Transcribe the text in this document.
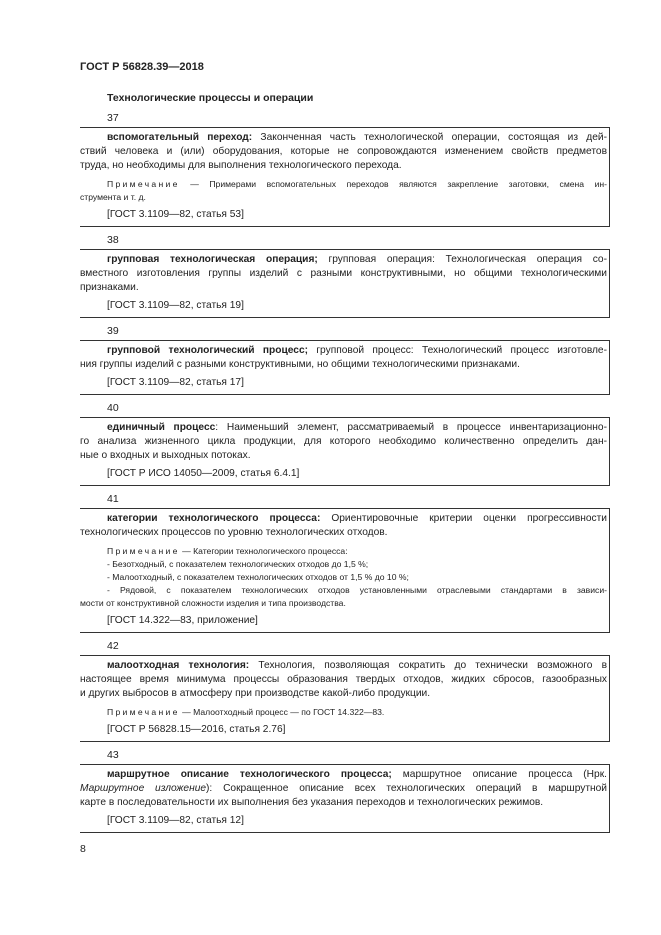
ГОСТ Р 56828.39—2018
Технологические процессы и операции
37
вспомогательный переход: Законченная часть технологической операции, состоящая из дей-
ствий человека и (или) оборудования, которые не сопровождаются изменением свойств предметов
труда, но необходимы для выполнения технологического перехода.
Примечание — Примерами вспомогательных переходов являются закрепление заготовки, смена ин-
струмента и т. д.
[ГОСТ 3.1109—82, статья 53]
38
групповая технологическая операция; групповая операция: Технологическая операция со-
вместного изготовления группы изделий с разными конструктивными, но общими технологическими
признаками.
[ГОСТ 3.1109—82, статья 19]
39
групповой технологический процесс; групповой процесс: Технологический процесс изготовле-
ния группы изделий с разными конструктивными, но общими технологическими признаками.
[ГОСТ 3.1109—82, статья 17]
40
единичный процесс: Наименьший элемент, рассматриваемый в процессе инвентаризационно-
го анализа жизненного цикла продукции, для которого необходимо количественно определить дан-
ные о входных и выходных потоках.
[ГОСТ Р ИСО 14050—2009, статья 6.4.1]
41
категории технологического процесса: Ориентировочные критерии оценки прогрессивности
технологических процессов по уровню технологических отходов.
Примечание — Категории технологического процесса:
- Безотходный, с показателем технологических отходов до 1,5 %;
- Малоотходный, с показателем технологических отходов от 1,5 % до 10 %;
- Рядовой, с показателем технологических отходов установленными отраслевыми стандартами в зависи-
мости от конструктивной сложности изделия и типа производства.
[ГОСТ 14.322—83, приложение]
42
малоотходная технология: Технология, позволяющая сократить до технически возможного в
настоящее время минимума процессы образования твердых отходов, жидких сбросов, газообразных
и других выбросов в атмосферу при производстве какой-либо продукции.
Примечание — Малоотходный процесс — по ГОСТ 14.322—83.
[ГОСТ Р 56828.15—2016, статья 2.76]
43
маршрутное описание технологического процесса; маршрутное описание процесса (Нрк.
Маршрутное изложение): Сокращенное описание всех технологических операций в маршрутной
карте в последовательности их выполнения без указания переходов и технологических режимов.
[ГОСТ 3.1109—82, статья 12]
8
